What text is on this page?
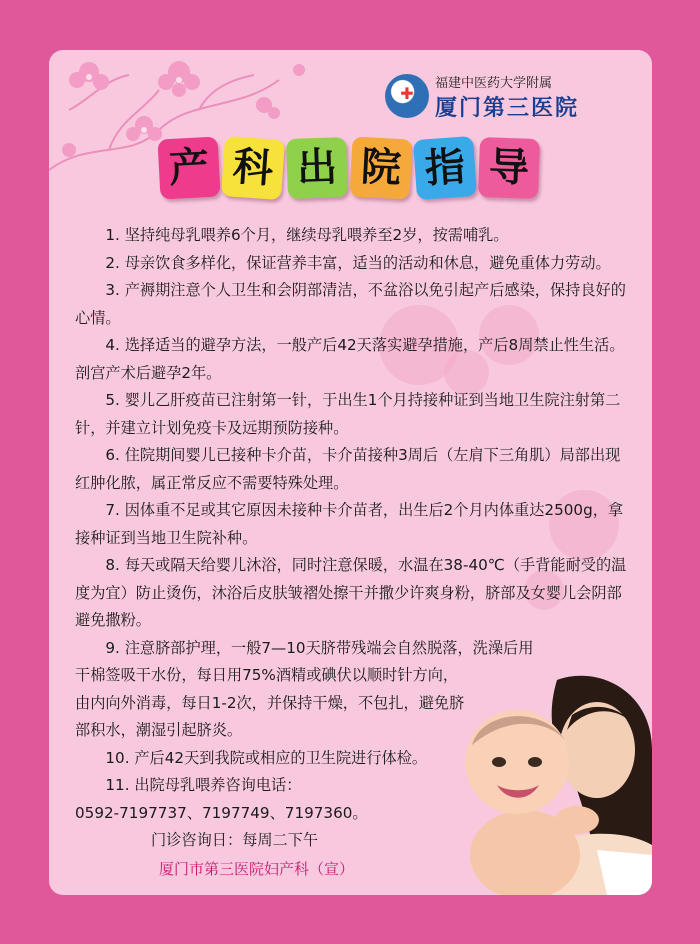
✚
福建中医药大学附属
厦门第三医院
产 科 出 院 指 导

1. 坚持纯母乳喂养6个月，继续母乳喂养至2岁，按需哺乳。

2. 母亲饮食多样化，保证营养丰富，适当的活动和休息，避免重体力劳动。

3. 产褥期注意个人卫生和会阴部清洁，不盆浴以免引起产后感染，保持良好的心情。

4. 选择适当的避孕方法，一般产后42天落实避孕措施，产后8周禁止性生活。剖宫产术后避孕2年。

5. 婴儿乙肝疫苗已注射第一针，于出生1个月持接种证到当地卫生院注射第二针，并建立计划免疫卡及远期预防接种。

6. 住院期间婴儿已接种卡介苗，卡介苗接种3周后（左肩下三角肌）局部出现红肿化脓，属正常反应不需要特殊处理。

7. 因体重不足或其它原因未接种卡介苗者，出生后2个月内体重达2500g，拿接种证到当地卫生院补种。

8. 每天或隔天给婴儿沐浴，同时注意保暖，水温在38-40℃（手背能耐受的温度为宜）防止烫伤，沐浴后皮肤皱褶处擦干并撒少许爽身粉，脐部及女婴儿会阴部避免撒粉。

9. 注意脐部护理，一般7—10天脐带残端会自然脱落，洗澡后用

干棉签吸干水份，每日用75%酒精或碘伏以顺时针方向，

由内向外消毒，每日1-2次，并保持干燥，不包扎，避免脐

部积水，潮湿引起脐炎。

10. 产后42天到我院或相应的卫生院进行体检。

11. 出院母乳喂养咨询电话：

0592-7197737、7197749、7197360。

门诊咨询日：每周二下午

厦门市第三医院妇产科（宣）
